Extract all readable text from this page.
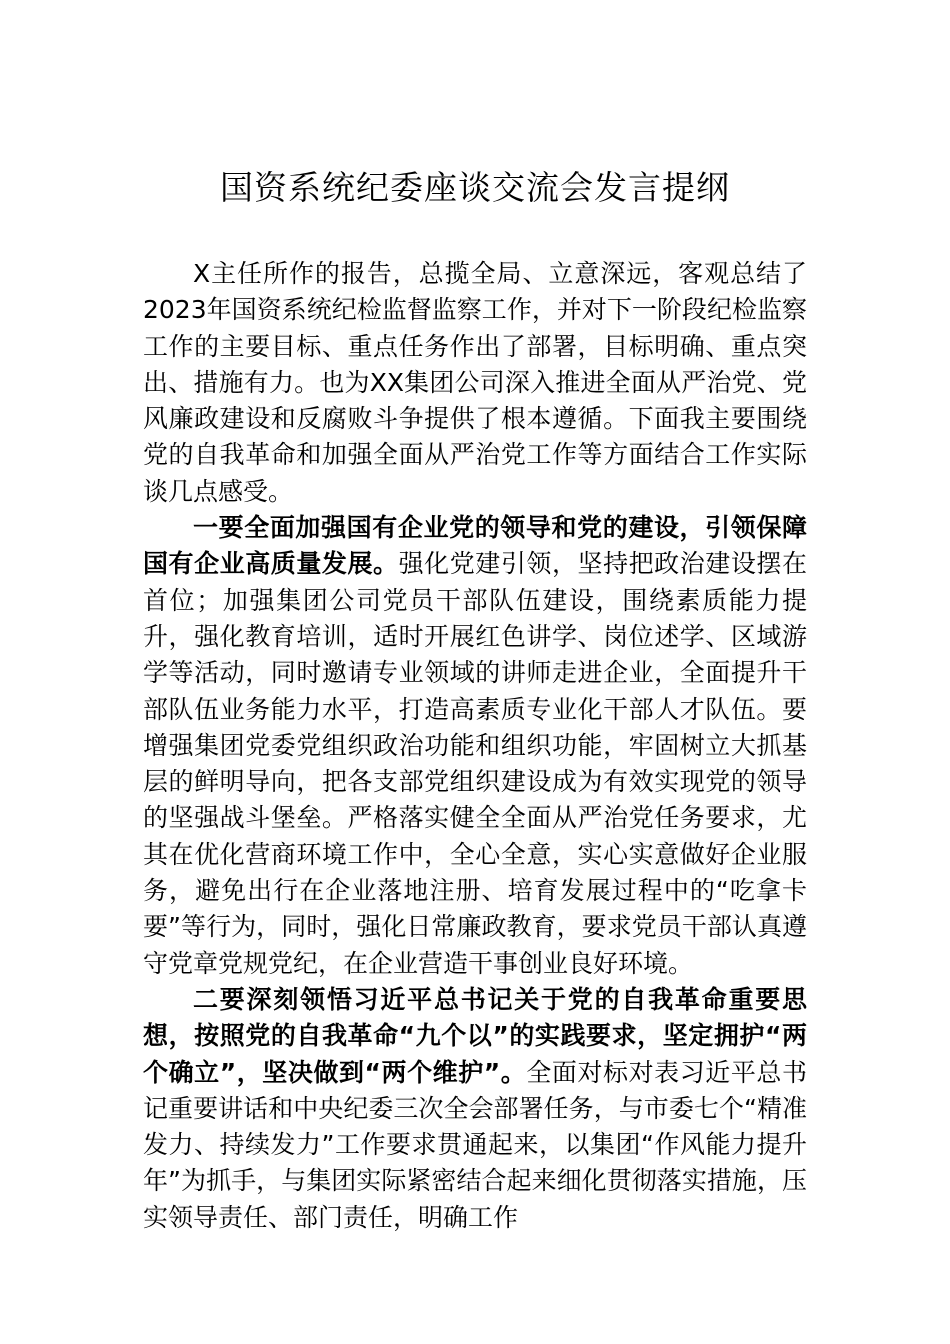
国资系统纪委座谈交流会发言提纲

X主任所作的报告，总揽全局、立意深远，客观总结了2023年国资系统纪检监督监察工作，并对下一阶段纪检监察工作的主要目标、重点任务作出了部署，目标明确、重点突出、措施有力。也为XX集团公司深入推进全面从严治党、党风廉政建设和反腐败斗争提供了根本遵循。下面我主要围绕党的自我革命和加强全面从严治党工作等方面结合工作实际谈几点感受。

一要全面加强国有企业党的领导和党的建设，引领保障国有企业高质量发展。强化党建引领，坚持把政治建设摆在首位；加强集团公司党员干部队伍建设，围绕素质能力提升，强化教育培训，适时开展红色讲学、岗位述学、区域游学等活动，同时邀请专业领域的讲师走进企业，全面提升干部队伍业务能力水平，打造高素质专业化干部人才队伍。要增强集团党委党组织政治功能和组织功能，牢固树立大抓基层的鲜明导向，把各支部党组织建设成为有效实现党的领导的坚强战斗堡垒。严格落实健全全面从严治党任务要求，尤其在优化营商环境工作中，全心全意，实心实意做好企业服务，避免出行在企业落地注册、培育发展过程中的“吃拿卡要”等行为，同时，强化日常廉政教育，要求党员干部认真遵守党章党规党纪，在企业营造干事创业良好环境。

二要深刻领悟习近平总书记关于党的自我革命重要思想，按照党的自我革命“九个以”的实践要求，坚定拥护“两个确立”，坚决做到“两个维护”。全面对标对表习近平总书记重要讲话和中央纪委三次全会部署任务，与市委七个“精准发力、持续发力”工作要求贯通起来，以集团“作风能力提升年”为抓手，与集团实际紧密结合起来细化贯彻落实措施，压实领导责任、部门责任，明确工作
